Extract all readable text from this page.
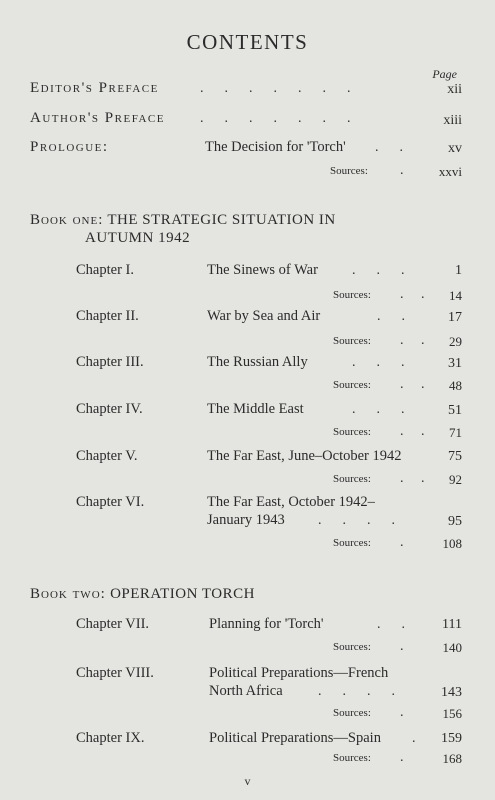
CONTENTS
Page
Editor's Preface	.      .      .      .      .      .      .	xii
Author's Preface	.      .      .      .      .      .      .	xiii
Prologue:	The Decision for 'Torch' .      .	xv
Sources: .	xxvi
Book one: THE STRATEGIC SITUATION IN
AUTUMN 1942
Chapter I.	The Sinews of War .      .      .	1
Sources: .     .	14
Chapter II.	War by Sea and Air	.      .	17
Sources: .     .	29
Chapter III.	The Russian Ally	.      .      .	31
Sources: .     .	48
Chapter IV.	The Middle East	.      .      .	51
Sources: .     .	71
Chapter V.	The Far East, June–October 1942	75
Sources: .     .	92
Chapter VI.	The Far East, October 1942–
January 1943 .      .      .      .	95
Sources: .	108
Book two: OPERATION TORCH
Chapter VII.	Planning for 'Torch'	.      .	111
Sources: .	140
Chapter VIII.	Political Preparations—French
North Africa	.      .      .      .	143
Sources: .	156
Chapter IX.	Political Preparations—Spain .	159
Sources: .	168
v
